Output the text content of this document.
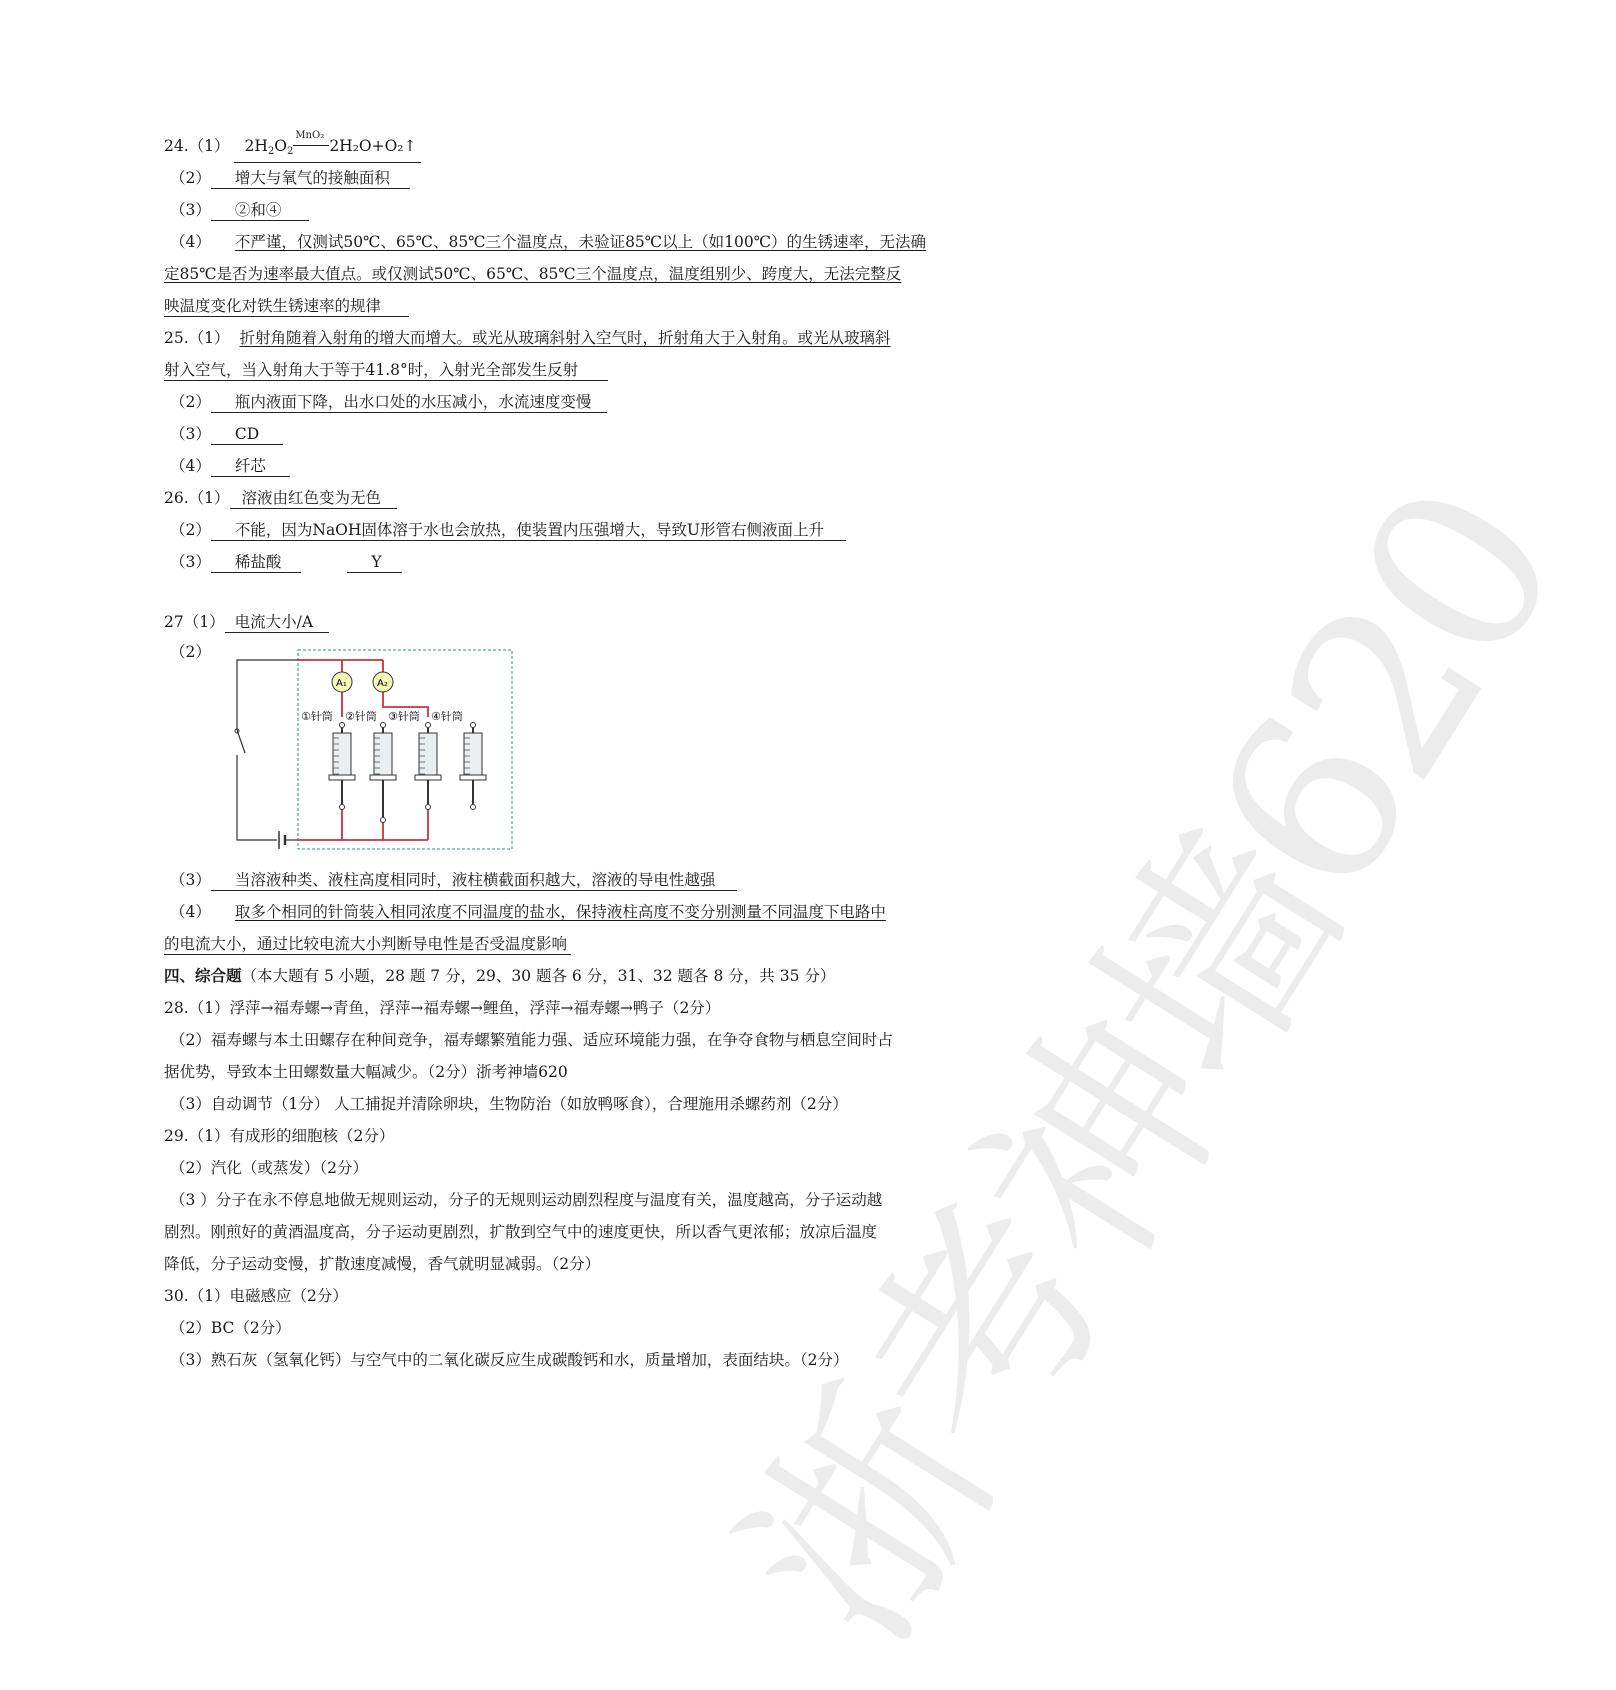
24.（1） $2H_2O_2$
MnO₂
2H₂O+O₂↑
（2） 增大与氧气的接触面积
（3） ②和④
（4） 不严谨，仅测试50℃、65℃、85℃三个温度点，未验证85℃以上（如100℃）的生锈速率，无法确
定85℃是否为速率最大值点。或仅测试50℃、65℃、85℃三个温度点，温度组别少、跨度大，无法完整反
映温度变化对铁生锈速率的规律
25.（1） 折射角随着入射角的增大而增大。或光从玻璃斜射入空气时，折射角大于入射角。或光从玻璃斜
射入空气，当入射角大于等于41.8°时，入射光全部发生反射
（2） 瓶内液面下降，出水口处的水压减小，水流速度变慢
（3） CD
（4） 纤芯
26.（1） 溶液由红色变为无色
（2） 不能，因为NaOH固体溶于水也会放热，使装置内压强增大，导致U形管右侧液面上升
（3） 稀盐酸	Y
27（1） 电流大小/A
（2）
A₁	A₂
①针筒 ②针筒 ③针筒 ④针筒
（3） 当溶液种类、液柱高度相同时，液柱横截面积越大，溶液的导电性越强
（4） 取多个相同的针筒装入相同浓度不同温度的盐水，保持液柱高度不变分别测量不同温度下电路中
的电流大小，通过比较电流大小判断导电性是否受温度影响
四、综合题（本大题有 5 小题，28 题 7 分，29、30 题各 6 分，31、32 题各 8 分，共 35 分）
28.（1）浮萍→福寿螺→青鱼，浮萍→福寿螺→鲤鱼，浮萍→福寿螺→鸭子（2分）
（2）福寿螺与本土田螺存在种间竞争，福寿螺繁殖能力强、适应环境能力强，在争夺食物与栖息空间时占
据优势，导致本土田螺数量大幅减少。（2分）浙考神墙620
（3）自动调节（1分） 人工捕捉并清除卵块，生物防治（如放鸭啄食），合理施用杀螺药剂（2分）
29.（1）有成形的细胞核（2分）
（2）汽化（或蒸发）（2分）
（3 ）分子在永不停息地做无规则运动，分子的无规则运动剧烈程度与温度有关，温度越高，分子运动越
剧烈。刚煎好的黄酒温度高，分子运动更剧烈，扩散到空气中的速度更快，所以香气更浓郁；放凉后温度
降低，分子运动变慢，扩散速度减慢，香气就明显减弱。（2分）
30.（1）电磁感应（2分）
（2）BC（2分）
（3）熟石灰（氢氧化钙）与空气中的二氧化碳反应生成碳酸钙和水，质量增加，表面结块。（2分）
浙考神墙620
